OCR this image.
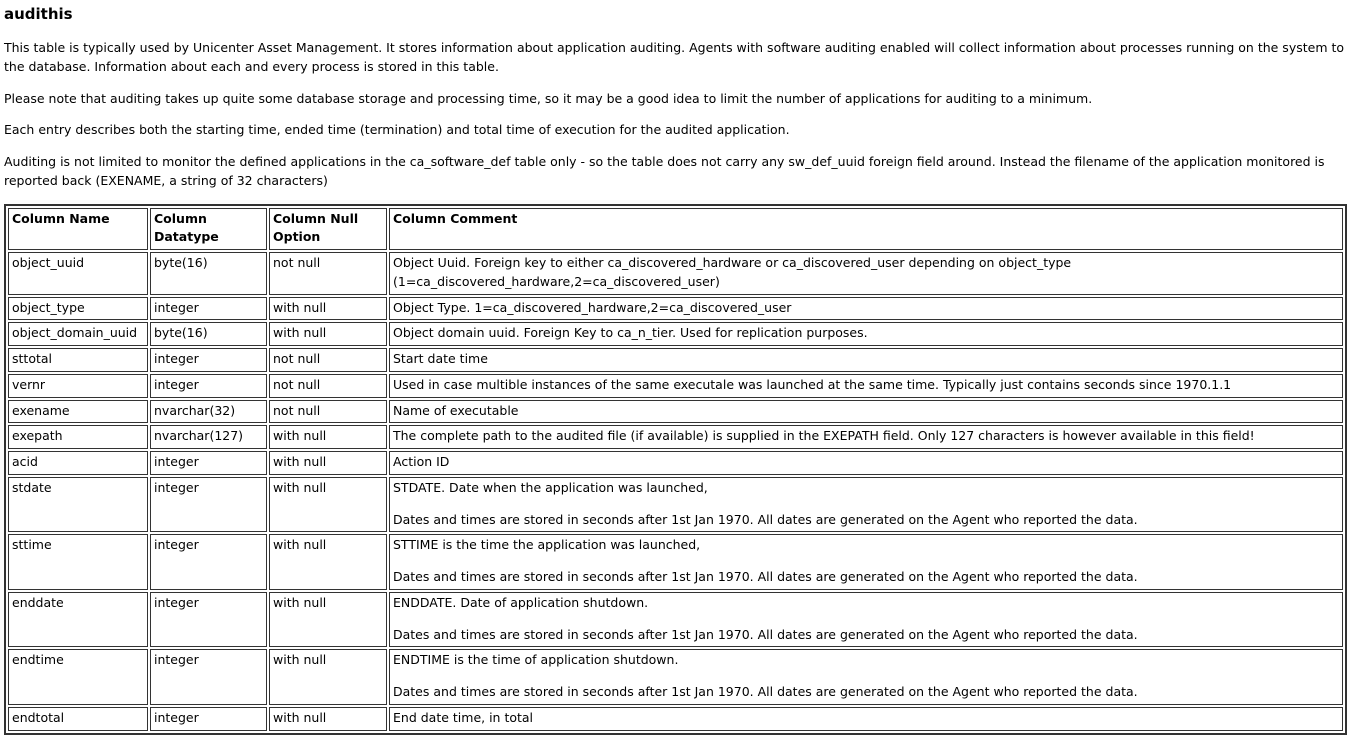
audithis

This table is typically used by Unicenter Asset Management. It stores information about application auditing. Agents with software auditing enabled will collect information about processes running on the system to the database. Information about each and every process is stored in this table.

Please note that auditing takes up quite some database storage and processing time, so it may be a good idea to limit the number of applications for auditing to a minimum.

Each entry describes both the starting time, ended time (termination) and total time of execution for the audited application.

Auditing is not limited to monitor the defined applications in the ca_software_def table only - so the table does not carry any sw_def_uuid foreign field around. Instead the filename of the application monitored is reported back (EXENAME, a string of 32 characters)

Column Name	Column Datatype	Column Null Option	Column Comment
object_uuid	byte(16)	not null	Object Uuid. Foreign key to either ca_discovered_hardware or ca_discovered_user depending on object_type (1=ca_discovered_hardware,2=ca_discovered_user)

object_type	integer	with null	Object Type. 1=ca_discovered_hardware,2=ca_discovered_user

object_domain_uuid	byte(16)	with null	Object domain uuid. Foreign Key to ca_n_tier. Used for replication purposes.

sttotal	integer	not null	Start date time

vernr	integer	not null	Used in case multible instances of the same executale was launched at the same time. Typically just contains seconds since 1970.1.1

exename	nvarchar(32)	not null	Name of executable

exepath	nvarchar(127)	with null	The complete path to the audited file (if available) is supplied in the EXEPATH field. Only 127 characters is however available in this field!

acid	integer	with null	Action ID

stdate	integer	with null	STDATE. Date when the application was launched,
Dates and times are stored in seconds after 1st Jan 1970. All dates are generated on the Agent who reported the data.

sttime	integer	with null	STTIME is the time the application was launched,
Dates and times are stored in seconds after 1st Jan 1970. All dates are generated on the Agent who reported the data.

enddate	integer	with null	ENDDATE. Date of application shutdown.
Dates and times are stored in seconds after 1st Jan 1970. All dates are generated on the Agent who reported the data.

endtime	integer	with null	ENDTIME is the time of application shutdown.
Dates and times are stored in seconds after 1st Jan 1970. All dates are generated on the Agent who reported the data.

endtotal	integer	with null	End date time, in total
